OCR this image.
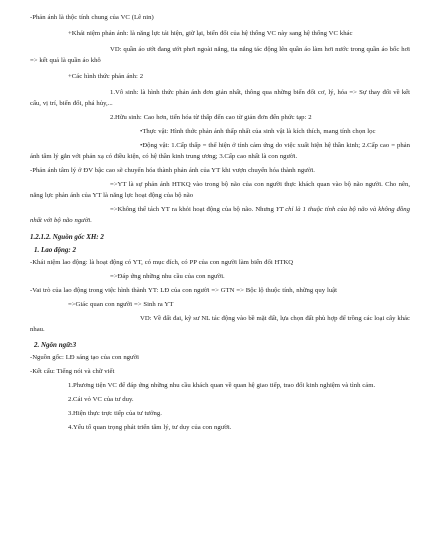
-Phản ánh là thộc tính chung của VC (Lê nin)

+Khái niệm phản ánh: là năng lực tái hiện, giữ lại, biến đổi của hệ thống VC này sang hệ thống VC khác

VD: quần áo ướt đang ướt phơi ngoài nắng, tia nắng tác động lên quần áo làm hơi nước trong quần áo bốc hơi => kết quả là quần áo khô

+Các hình thức phản ánh: 2

1.Vô sinh: là hình thức phản ánh đơn giản nhất, thông qua những biến đổi cơ, lý, hóa => Sự thay đổi về kết cấu, vị trí, biến đổi, phá hủy,...

2.Hữu sinh: Cao hơn, tiến hóa từ thấp đến cao từ giản đơn đến phức tạp: 2

•Thực vật: Hình thức phản ánh thấp nhất của sinh vật là kích thích, mang tính chọn lọc

•Động vật: 1.Cấp thấp = thể hiện ở tính cảm ứng do việc xuất hiện hệ thần kinh; 2.Cấp cao = phản ánh tâm lý gắn với phản xạ có điều kiện, có hệ thần kinh trung ương; 3.Cấp cao nhất là con người.

-Phản ánh tâm lý ở ĐV bậc cao sẽ chuyển hóa thành phản ánh của YT khi vượn chuyển hóa thành người.

=>YT là sự phản ánh HTKQ vào trong bộ não của con người thực khách quan vào bộ não người. Cho nên, năng lực phản ánh của YT là năng lực hoạt động của bộ não

=>Không thể tách YT ra khỏi hoạt động của bộ não. Nhưng YT chỉ là 1 thuộc tính của bộ não và không đồng nhất với bộ não người.

1.2.1.2. Nguồn gốc XH: 2

1. Lao động: 2

-Khái niệm lao động: là hoạt động có YT, có mục đích, có PP của con người làm biến đổi HTKQ

=>Đáp ứng những nhu cầu của con người.

-Vai trò của lao động trong việc hình thành YT: LĐ của con người => GTN => Bộc lộ thuộc tính, những quy luật

=>Giác quan con người => Sinh ra YT

VD: Về đất đai, kỹ sư NL tác động vào bề mặt đất, lựa chọn đất phù hợp để trồng các loại cây khác nhau.

2. Ngôn ngữ:3

-Nguồn gốc: LĐ sáng tạo của con người

-Kết cấu: Tiếng nói và chữ viết

1.Phương tiện VC để đáp ứng những nhu cầu khách quan về quan hệ giao tiếp, trao đổi kinh nghiệm và tình cảm.

2.Cái vỏ VC của tư duy.

3.Hiện thực trực tiếp của tư tưởng.

4.Yếu tố quan trọng phát triển tâm lý, tư duy của con người.
